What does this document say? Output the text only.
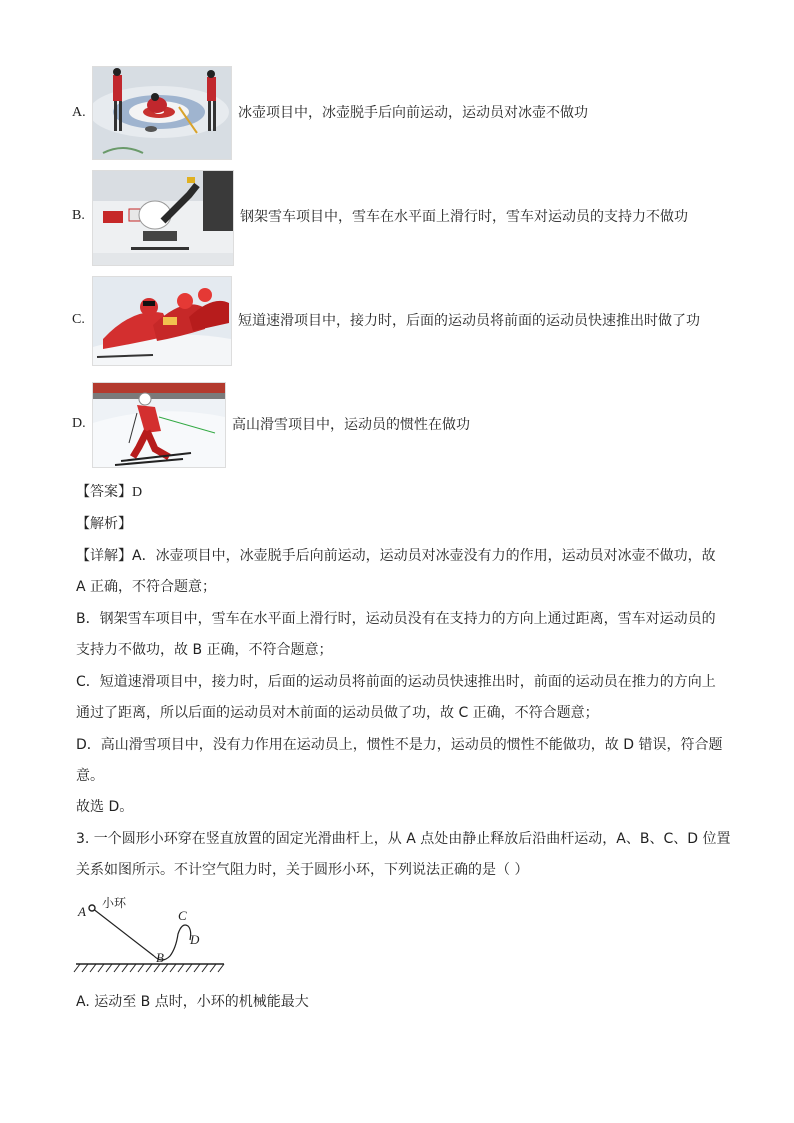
A.	冰壶项目中，冰壶脱手后向前运动，运动员对冰壶不做功
B.	钢架雪车项目中，雪车在水平面上滑行时，雪车对运动员的支持力不做功
C.	短道速滑项目中，接力时，后面的运动员将前面的运动员快速推出时做了功
D.	高山滑雪项目中，运动员的惯性在做功
【答案】D
【解析】
【详解】A．冰壶项目中，冰壶脱手后向前运动，运动员对冰壶没有力的作用，运动员对冰壶不做功，故
A 正确，不符合题意；
B．钢架雪车项目中，雪车在水平面上滑行时，运动员没有在支持力的方向上通过距离，雪车对运动员的
支持力不做功，故 B 正确，不符合题意；
C．短道速滑项目中，接力时，后面的运动员将前面的运动员快速推出时，前面的运动员在推力的方向上
通过了距离，所以后面的运动员对木前面的运动员做了功，故 C 正确，不符合题意；
D．高山滑雪项目中，没有力作用在运动员上，惯性不是力，运动员的惯性不能做功，故 D 错误，符合题
意。
故选 D。
3. 一个圆形小环穿在竖直放置的固定光滑曲杆上，从 A 点处由静止释放后沿曲杆运动，A、B、C、D 位置
关系如图所示。不计空气阻力时，关于圆形小环，下列说法正确的是（ ）
小环
A
B
C
D
A. 运动至 B 点时，小环的机械能最大
